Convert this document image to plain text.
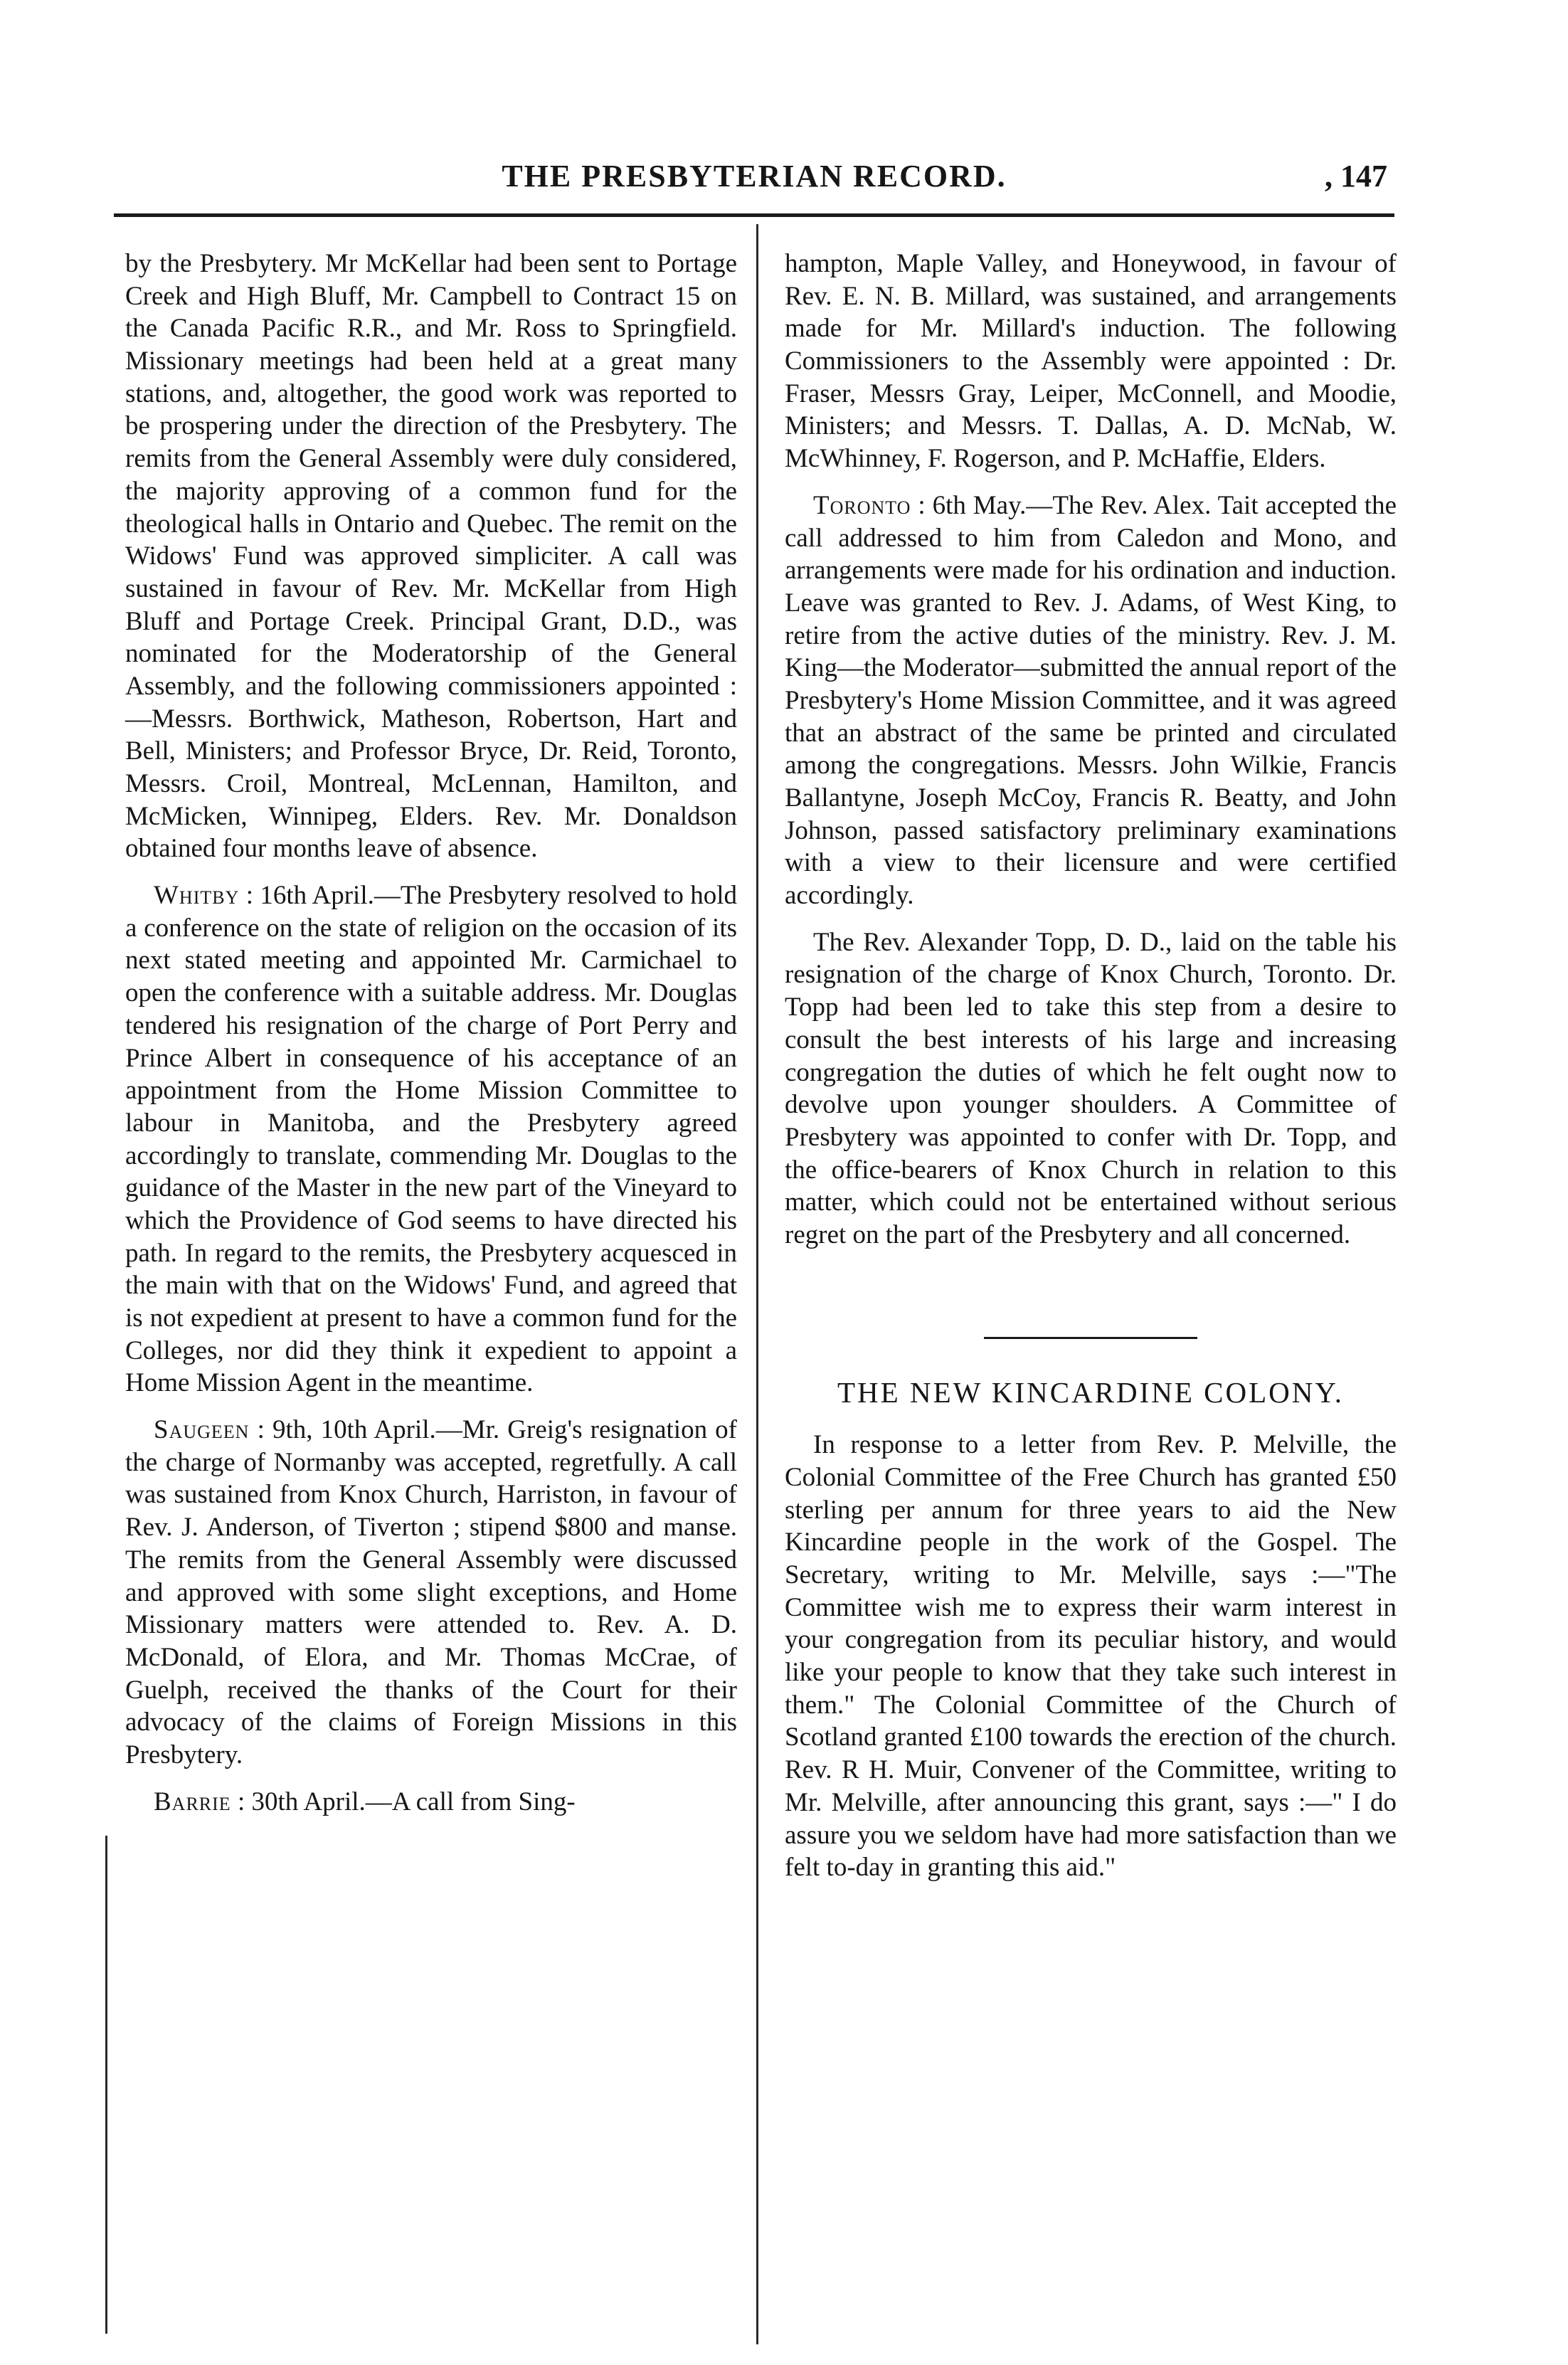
THE PRESBYTERIAN RECORD.	, 147

by the Presbytery. Mr McKellar had been sent to Portage Creek and High Bluff, Mr. Campbell to Contract 15 on the Canada Pacific R.R., and Mr. Ross to Springfield. Missionary meetings had been held at a great many stations, and, altogether, the good work was reported to be prospering under the direction of the Presbytery. The remits from the General Assembly were duly considered, the majority approving of a common fund for the theological halls in Ontario and Quebec. The remit on the Widows' Fund was approved simpliciter. A call was sustained in favour of Rev. Mr. McKellar from High Bluff and Portage Creek. Principal Grant, D.D., was nominated for the Moderatorship of the General Assembly, and the following commissioners appointed :—Messrs. Borthwick, Matheson, Robertson, Hart and Bell, Ministers; and Professor Bryce, Dr. Reid, Toronto, Messrs. Croil, Montreal, McLennan, Hamilton, and McMicken, Winnipeg, Elders. Rev. Mr. Donaldson obtained four months leave of absence.

Whitby : 16th April.—The Presbytery resolved to hold a conference on the state of religion on the occasion of its next stated meeting and appointed Mr. Carmichael to open the conference with a suitable address. Mr. Douglas tendered his resignation of the charge of Port Perry and Prince Albert in consequence of his acceptance of an appointment from the Home Mission Committee to labour in Manitoba, and the Presbytery agreed accordingly to translate, commending Mr. Douglas to the guidance of the Master in the new part of the Vineyard to which the Providence of God seems to have directed his path. In regard to the remits, the Presbytery acquesced in the main with that on the Widows' Fund, and agreed that is not expedient at present to have a common fund for the Colleges, nor did they think it expedient to appoint a Home Mission Agent in the meantime.

Saugeen : 9th, 10th April.—Mr. Greig's resignation of the charge of Normanby was accepted, regretfully. A call was sustained from Knox Church, Harriston, in favour of Rev. J. Anderson, of Tiverton ; stipend $800 and manse. The remits from the General Assembly were discussed and approved with some slight exceptions, and Home Missionary matters were attended to. Rev. A. D. McDonald, of Elora, and Mr. Thomas McCrae, of Guelph, received the thanks of the Court for their advocacy of the claims of Foreign Missions in this Presbytery.

Barrie : 30th April.—A call from Sing-

hampton, Maple Valley, and Honeywood, in favour of Rev. E. N. B. Millard, was sustained, and arrangements made for Mr. Millard's induction. The following Commissioners to the Assembly were appointed : Dr. Fraser, Messrs Gray, Leiper, McConnell, and Moodie, Ministers; and Messrs. T. Dallas, A. D. McNab, W. McWhinney, F. Rogerson, and P. McHaffie, Elders.

Toronto : 6th May.—The Rev. Alex. Tait accepted the call addressed to him from Caledon and Mono, and arrangements were made for his ordination and induction. Leave was granted to Rev. J. Adams, of West King, to retire from the active duties of the ministry. Rev. J. M. King—the Moderator—submitted the annual report of the Presbytery's Home Mission Committee, and it was agreed that an abstract of the same be printed and circulated among the congregations. Messrs. John Wilkie, Francis Ballantyne, Joseph McCoy, Francis R. Beatty, and John Johnson, passed satisfactory preliminary examinations with a view to their licensure and were certified accordingly.

The Rev. Alexander Topp, D. D., laid on the table his resignation of the charge of Knox Church, Toronto. Dr. Topp had been led to take this step from a desire to consult the best interests of his large and increasing congregation the duties of which he felt ought now to devolve upon younger shoulders. A Committee of Presbytery was appointed to confer with Dr. Topp, and the office-bearers of Knox Church in relation to this matter, which could not be entertained without serious regret on the part of the Presbytery and all concerned.

THE NEW KINCARDINE COLONY.

In response to a letter from Rev. P. Melville, the Colonial Committee of the Free Church has granted £50 sterling per annum for three years to aid the New Kincardine people in the work of the Gospel. The Secretary, writing to Mr. Melville, says :—"The Committee wish me to express their warm interest in your congregation from its peculiar history, and would like your people to know that they take such interest in them." The Colonial Committee of the Church of Scotland granted £100 towards the erection of the church. Rev. R H. Muir, Convener of the Committee, writing to Mr. Melville, after announcing this grant, says :—" I do assure you we seldom have had more satisfaction than we felt to-day in granting this aid."
